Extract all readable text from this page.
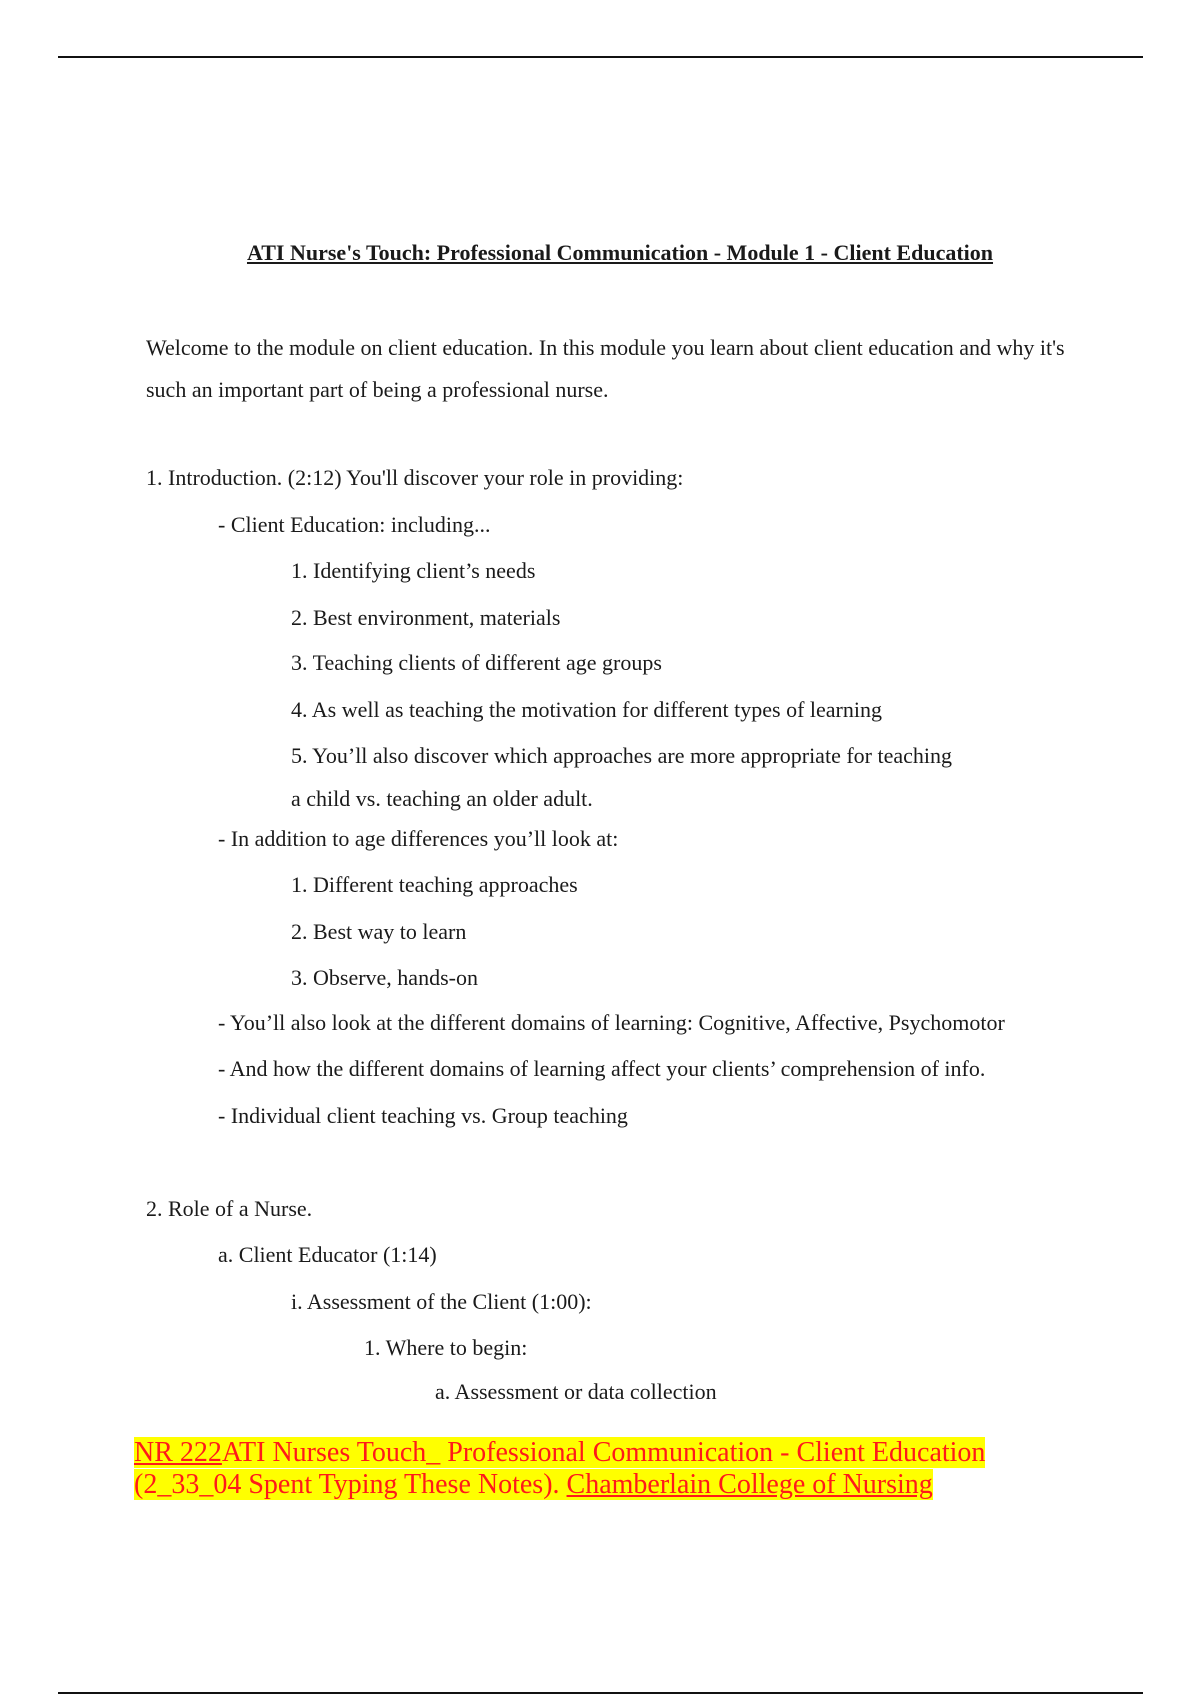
ATI Nurse's Touch: Professional Communication - Module 1 - Client Education
Welcome to the module on client education. In this module you learn about client education and why it's such an important part of being a professional nurse.
1. Introduction. (2:12) You'll discover your role in providing:
- Client Education: including...
1. Identifying client’s needs
2. Best environment, materials
3. Teaching clients of different age groups
4. As well as teaching the motivation for different types of learning
5. You’ll also discover which approaches are more appropriate for teaching
a child vs. teaching an older adult.
- In addition to age differences you’ll look at:
1. Different teaching approaches
2. Best way to learn
3. Observe, hands-on
- You’ll also look at the different domains of learning: Cognitive, Affective, Psychomotor
- And how the different domains of learning affect your clients’ comprehension of info.
- Individual client teaching vs. Group teaching
2. Role of a Nurse.
a. Client Educator (1:14)
i. Assessment of the Client (1:00):
1. Where to begin:
a. Assessment or data collection
NR 222ATI Nurses Touch_ Professional Communication - Client Education
(2_33_04 Spent Typing These Notes). Chamberlain College of Nursing
